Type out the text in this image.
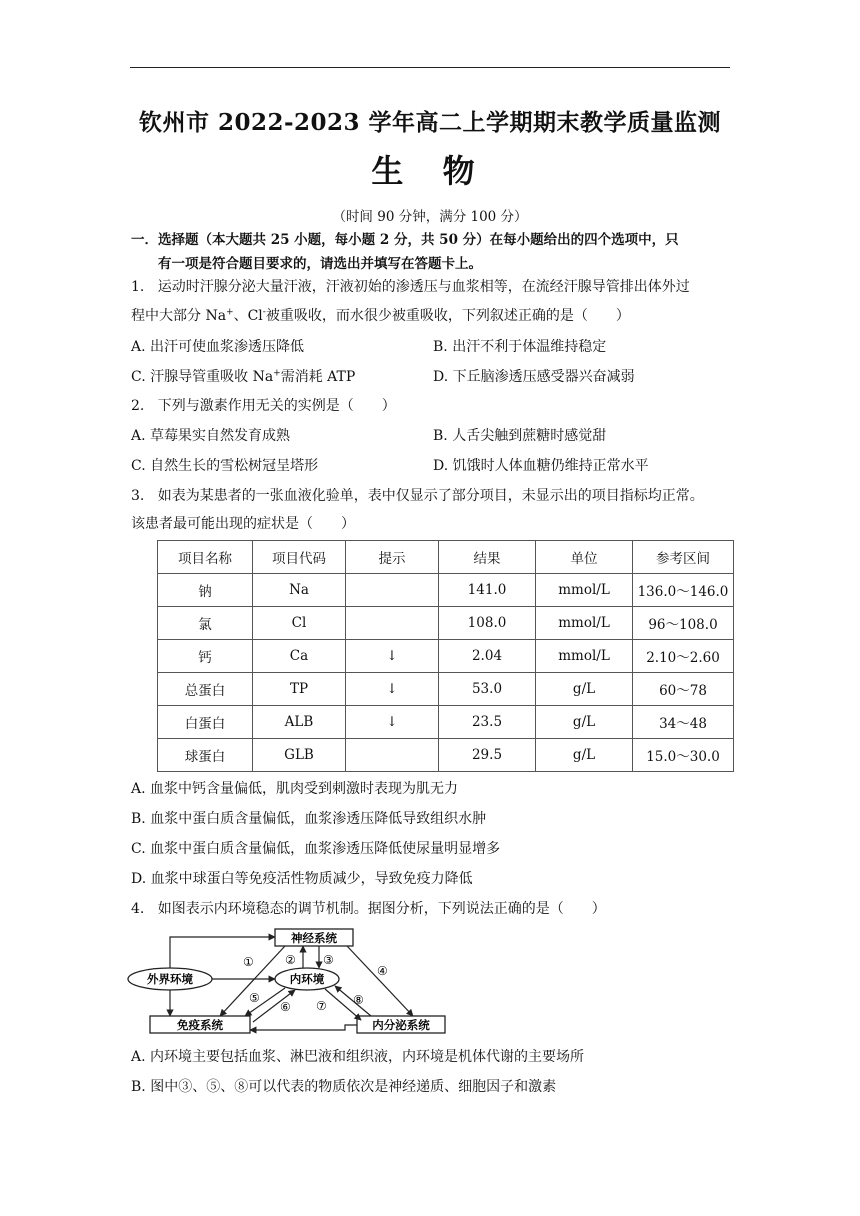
钦州市 2022-2023 学年高二上学期期末教学质量监测
生 物
（时间 90 分钟，满分 100 分）
一．选择题（本大题共 25 小题，每小题 2 分，共 50 分）在每小题给出的四个选项中，只
有一项是符合题目要求的，请选出并填写在答题卡上。
1. 运动时汗腺分泌大量汗液，汗液初始的渗透压与血浆相等，在流经汗腺导管排出体外过
程中大部分 Na+、Cl-被重吸收，而水很少被重吸收，下列叙述正确的是（　　）
A. 出汗可使血浆渗透压降低	B. 出汗不利于体温维持稳定
C. 汗腺导管重吸收 Na+需消耗 ATP	D. 下丘脑渗透压感受器兴奋减弱
2. 下列与激素作用无关的实例是（　　）
A. 草莓果实自然发育成熟	B. 人舌尖触到蔗糖时感觉甜
C. 自然生长的雪松树冠呈塔形	D. 饥饿时人体血糖仍维持正常水平
3. 如表为某患者的一张血液化验单，表中仅显示了部分项目，未显示出的项目指标均正常。
该患者最可能出现的症状是（　　）
项目名称	项目代码	提示	结果	单位	参考区间
钠	Na		141.0	mmol/L	136.0～146.0
氯	Cl		108.0	mmol/L	96～108.0
钙	Ca	↓	2.04	mmol/L	2.10～2.60
总蛋白	TP	↓	53.0	g/L	60～78
白蛋白	ALB	↓	23.5	g/L	34～48
球蛋白	GLB		29.5	g/L	15.0～30.0
A. 血浆中钙含量偏低，肌肉受到刺激时表现为肌无力
B. 血浆中蛋白质含量偏低，血浆渗透压降低导致组织水肿
C. 血浆中蛋白质含量偏低，血浆渗透压降低使尿量明显增多
D. 血浆中球蛋白等免疫活性物质减少，导致免疫力降低
4. 如图表示内环境稳态的调节机制。据图分析，下列说法正确的是（　　）
神经系统
外界环境	内环境
免疫系统	内分泌系统
①	② ③
④
⑤
⑥ ⑦ ⑧
A. 内环境主要包括血浆、淋巴液和组织液，内环境是机体代谢的主要场所
B. 图中③、⑤、⑧可以代表的物质依次是神经递质、细胞因子和激素
